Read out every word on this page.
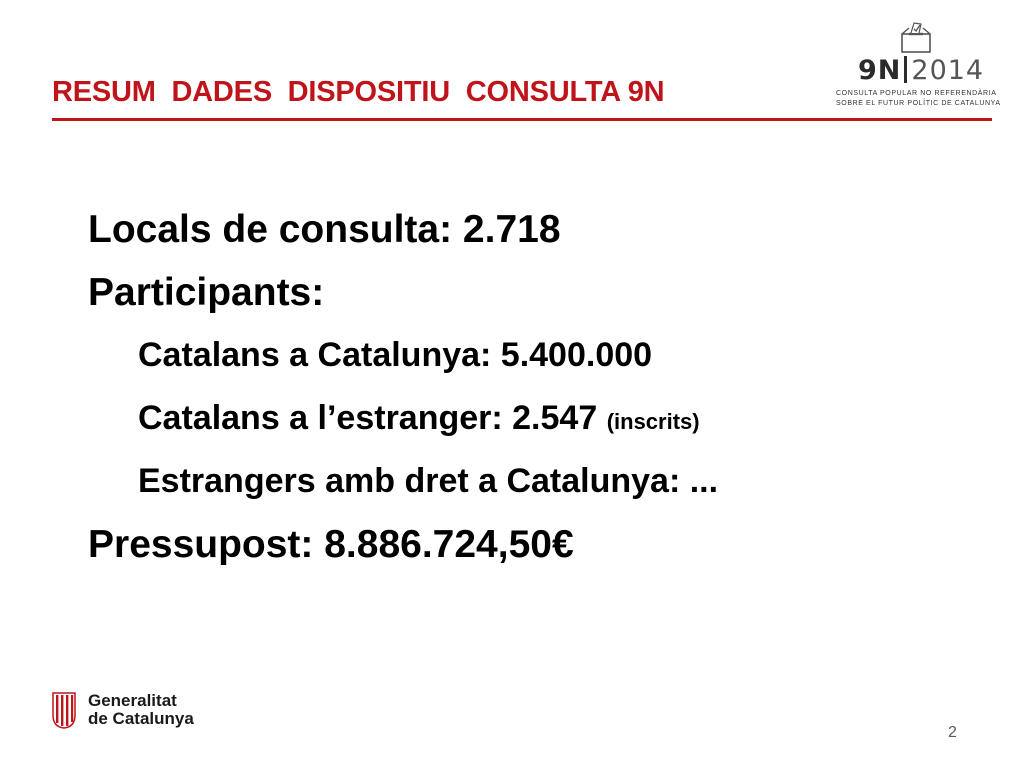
RESUM  DADES  DISPOSITIU  CONSULTA 9N
9N 2014
CONSULTA POPULAR NO REFERENDÀRIA
SOBRE EL FUTUR POLÍTIC DE CATALUNYA
Locals de consulta: 2.718
Participants:
Catalans a Catalunya: 5.400.000
Catalans a l’estranger: 2.547 (inscrits)
Estrangers amb dret a Catalunya: ...
Pressupost: 8.886.724,50€
Generalitat
de Catalunya
2
